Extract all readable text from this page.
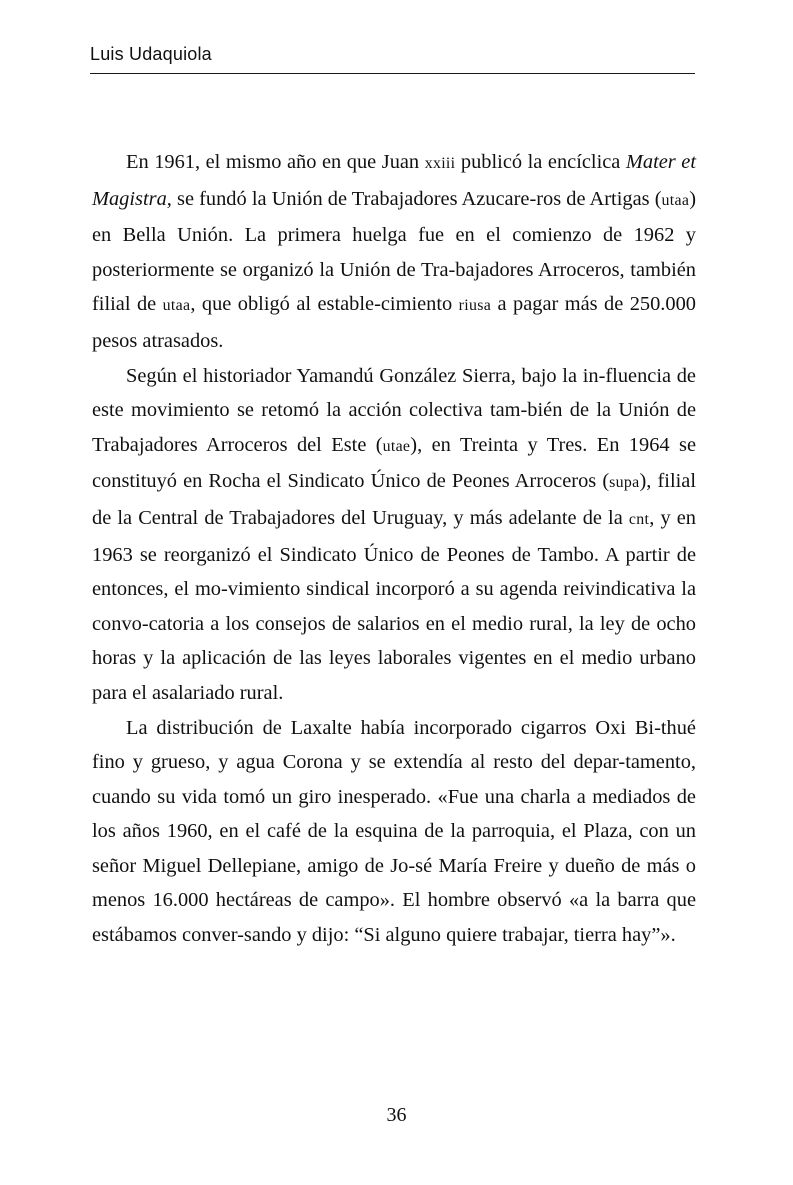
Luis Udaquiola

En 1961, el mismo año en que Juan xxiii publicó la encíclica Mater et Magistra, se fundó la Unión de Trabajadores Azucare-ros de Artigas (utaa) en Bella Unión. La primera huelga fue en el comienzo de 1962 y posteriormente se organizó la Unión de Tra-bajadores Arroceros, también filial de utaa, que obligó al estable-cimiento riusa a pagar más de 250.000 pesos atrasados.

Según el historiador Yamandú González Sierra, bajo la in-fluencia de este movimiento se retomó la acción colectiva tam-bién de la Unión de Trabajadores Arroceros del Este (utae), en Treinta y Tres. En 1964 se constituyó en Rocha el Sindicato Único de Peones Arroceros (supa), filial de la Central de Trabajadores del Uruguay, y más adelante de la cnt, y en 1963 se reorganizó el Sindicato Único de Peones de Tambo. A partir de entonces, el mo-vimiento sindical incorporó a su agenda reivindicativa la convo-catoria a los consejos de salarios en el medio rural, la ley de ocho horas y la aplicación de las leyes laborales vigentes en el medio urbano para el asalariado rural.

La distribución de Laxalte había incorporado cigarros Oxi Bi-thué fino y grueso, y agua Corona y se extendía al resto del depar-tamento, cuando su vida tomó un giro inesperado. «Fue una charla a mediados de los años 1960, en el café de la esquina de la parroquia, el Plaza, con un señor Miguel Dellepiane, amigo de Jo-sé María Freire y dueño de más o menos 16.000 hectáreas de campo». El hombre observó «a la barra que estábamos conver-sando y dijo: “Si alguno quiere trabajar, tierra hay”».

36
